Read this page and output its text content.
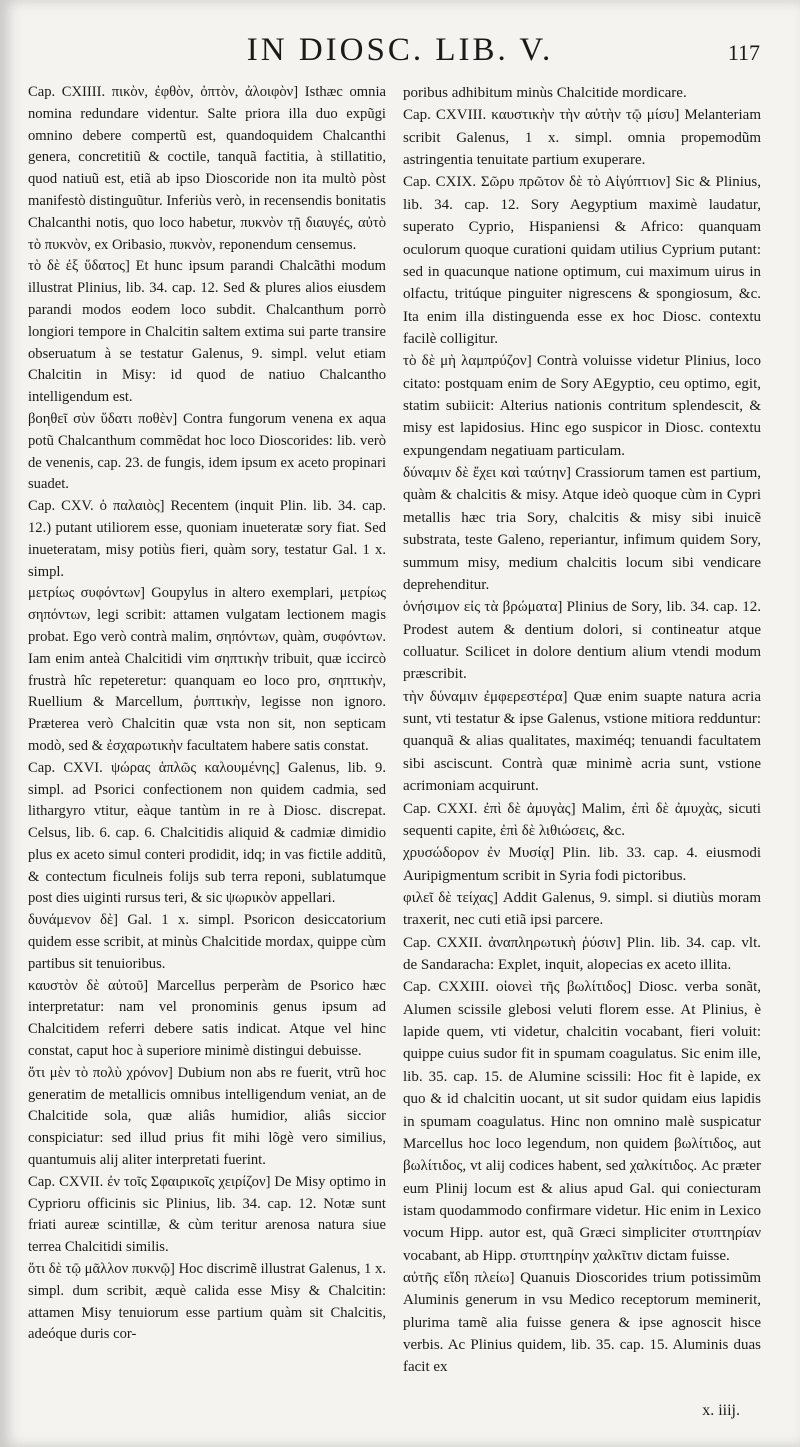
IN DIOSC. LIB. V.	117

Cap. CXIIII. πικὸν, ἐφθὸν, ὀπτὸν, ἀλοιφὸν] Isthæc omnia nomina redundare videntur. Salte priora illa duo expũgi omnino debere compertũ est, quandoquidem Chalcanthi genera, concretitiũ & coctile, tanquã factitia, à stillatitio, quod natiuũ est, etiã ab ipso Dioscoride non ita multò pòst manifestò distinguũtur. Inferiùs verò, in recensendis bonitatis Chalcanthi notis, quo loco habetur, πυκνὸν τῇ διαυγές, αὐτὸ τὸ πυκνὸν, ex Oribasio, πυκνὸν, reponendum censemus.

τὸ δὲ ἐξ ὕδατος] Et hunc ipsum parandi Chalcãthi modum illustrat Plinius, lib. 34. cap. 12. Sed & plures alios eiusdem parandi modos eodem loco subdit. Chalcanthum porrò longiori tempore in Chalcitin saltem extima sui parte transire obseruatum à se testatur Galenus, 9. simpl. velut etiam Chalcitin in Misy: id quod de natiuo Chalcantho intelligendum est.

βοηθεῖ σὺν ὕδατι ποθὲν] Contra fungorum venena ex aqua potũ Chalcanthum commẽdat hoc loco Dioscorides: lib. verò de venenis, cap. 23. de fungis, idem ipsum ex aceto propinari suadet.

Cap. CXV. ὁ παλαιὸς] Recentem (inquit Plin. lib. 34. cap. 12.) putant utiliorem esse, quoniam inueteratæ sory fiat. Sed inueteratam, misy potiùs fieri, quàm sory, testatur Gal. 1 x. simpl.

μετρίως συφόντων] Goupylus in altero exemplari, μετρίως σηπόντων, legi scribit: attamen vulgatam lectionem magis probat. Ego verò contrà malim, σηπόντων, quàm, συφόντων. Iam enim anteà Chalcitidi vim σηπτικὴν tribuit, quæ iccircò frustrà hîc repeteretur: quanquam eo loco pro, σηπτικὴν, Ruellium & Marcellum, ῥυπτικὴν, legisse non ignoro. Præterea verò Chalcitin quæ vsta non sit, non septicam modò, sed & ἐσχαρωτικὴν facultatem habere satis constat.

Cap. CXVI. ψώρας ἁπλῶς καλουμένης] Galenus, lib. 9. simpl. ad Psorici confectionem non quidem cadmia, sed lithargyro vtitur, eàque tantùm in re à Diosc. discrepat. Celsus, lib. 6. cap. 6. Chalcitidis aliquid & cadmiæ dimidio plus ex aceto simul conteri prodidit, idq; in vas fictile additũ, & contectum ficulneis folijs sub terra reponi, sublatumque post dies uiginti rursus teri, & sic ψωρικὸν appellari.

δυνάμενον δὲ] Gal. 1 x. simpl. Psoricon desiccatorium quidem esse scribit, at minùs Chalcitide mordax, quippe cùm partibus sit tenuioribus.

καυστὸν δὲ αὐτοῦ] Marcellus perperàm de Psorico hæc interpretatur: nam vel pronominis genus ipsum ad Chalcitidem referri debere satis indicat. Atque vel hinc constat, caput hoc à superiore minimè distingui debuisse.

ὅτι μὲν τὸ πολὺ χρόνον] Dubium non abs re fuerit, vtrũ hoc generatim de metallicis omnibus intelligendum veniat, an de Chalcitide sola, quæ aliâs humidior, aliâs siccior conspiciatur: sed illud prius fit mihi lõgè vero similius, quantumuis alij aliter interpretati fuerint.

Cap. CXVII. ἐν τοῖς Σφαιρικοῖς χειρίζον] De Misy optimo in Cyprioru officinis sic Plinius, lib. 34. cap. 12. Notæ sunt friati aureæ scintillæ, & cùm teritur arenosa natura siue terrea Chalcitidi similis.

ὅτι δὲ τῷ μᾶλλον πυκνῷ] Hoc discrimẽ illustrat Galenus, 1 x. simpl. dum scribit, æquè calida esse Misy & Chalcitin: attamen Misy tenuiorum esse partium quàm sit Chalcitis, adeóque duris cor-

poribus adhibitum minùs Chalcitide mordicare.

Cap. CXVIII. καυστικὴν τὴν αὐτὴν τῷ μίσυ] Melanteriam scribit Galenus, 1 x. simpl. omnia propemodũm astringentia tenuitate partium exuperare.

Cap. CXIX. Σῶρυ πρῶτον δὲ τὸ Αἰγύπτιον] Sic & Plinius, lib. 34. cap. 12. Sory Aegyptium maximè laudatur, superato Cyprio, Hispaniensi & Africo: quanquam oculorum quoque curationi quidam utilius Cyprium putant: sed in quacunque natione optimum, cui maximum uirus in olfactu, tritúque pinguiter nigrescens & spongiosum, &c. Ita enim illa distinguenda esse ex hoc Diosc. contextu facilè colligitur.

τὸ δὲ μὴ λαμπρύζον] Contrà voluisse videtur Plinius, loco citato: postquam enim de Sory AEgyptio, ceu optimo, egit, statim subiicit: Alterius nationis contritum splendescit, & misy est lapidosius. Hinc ego suspicor in Diosc. contextu expungendam negatiuam particulam.

δύναμιν δὲ ἔχει καὶ ταύτην] Crassiorum tamen est partium, quàm & chalcitis & misy. Atque ideò quoque cùm in Cypri metallis hæc tria Sory, chalcitis & misy sibi inuicẽ substrata, teste Galeno, reperiantur, infimum quidem Sory, summum misy, medium chalcitis locum sibi vendicare deprehenditur.

ὀνήσιμον εἰς τὰ βρώματα] Plinius de Sory, lib. 34. cap. 12. Prodest autem & dentium dolori, si contineatur atque colluatur. Scilicet in dolore dentium alium vtendi modum præscribit.

τὴν δύναμιν ἐμφερεστέρα] Quæ enim suapte natura acria sunt, vti testatur & ipse Galenus, vstione mitiora redduntur: quanquã & alias qualitates, maximéq; tenuandi facultatem sibi asciscunt. Contrà quæ minimè acria sunt, vstione acrimoniam acquirunt.

Cap. CXXI. ἐπὶ δὲ ἀμυγὰς] Malim, ἐπὶ δὲ ἀμυχὰς, sicuti sequenti capite, ἐπὶ δὲ λιθιώσεις, &c.

χρυσώδορον ἐν Μυσίᾳ] Plin. lib. 33. cap. 4. eiusmodi Auripigmentum scribit in Syria fodi pictoribus.

φιλεῖ δὲ τείχας] Addit Galenus, 9. simpl. si diutiùs moram traxerit, nec cuti etiã ipsi parcere.

Cap. CXXII. ἀναπληρωτικὴ ῥύσιν] Plin. lib. 34. cap. vlt. de Sandaracha: Explet, inquit, alopecias ex aceto illita.

Cap. CXXIII. οἱονεὶ τῆς βωλίτιδος] Diosc. verba sonãt, Alumen scissile glebosi veluti florem esse. At Plinius, è lapide quem, vti videtur, chalcitin vocabant, fieri voluit: quippe cuius sudor fit in spumam coagulatus. Sic enim ille, lib. 35. cap. 15. de Alumine scissili: Hoc fit è lapide, ex quo & id chalcitin uocant, ut sit sudor quidam eius lapidis in spumam coagulatus. Hinc non omnino malè suspicatur Marcellus hoc loco legendum, non quidem βωλίτιδος, aut βωλίτιδος, vt alij codices habent, sed χαλκίτιδος. Ac præter eum Plinij locum est & alius apud Gal. qui coniecturam istam quodammodo confirmare videtur. Hic enim in Lexico vocum Hipp. autor est, quã Græci simpliciter στυπτηρίαν vocabant, ab Hipp. στυπτηρίην χαλκῖτιν dictam fuisse.

αὐτῆς εἴδη πλείω] Quanuis Dioscorides trium potissimũm Aluminis generum in vsu Medico receptorum meminerit, plurima tamẽ alia fuisse genera & ipse agnoscit hisce verbis. Ac Plinius quidem, lib. 35. cap. 15. Aluminis duas facit ex

x. iiij.
